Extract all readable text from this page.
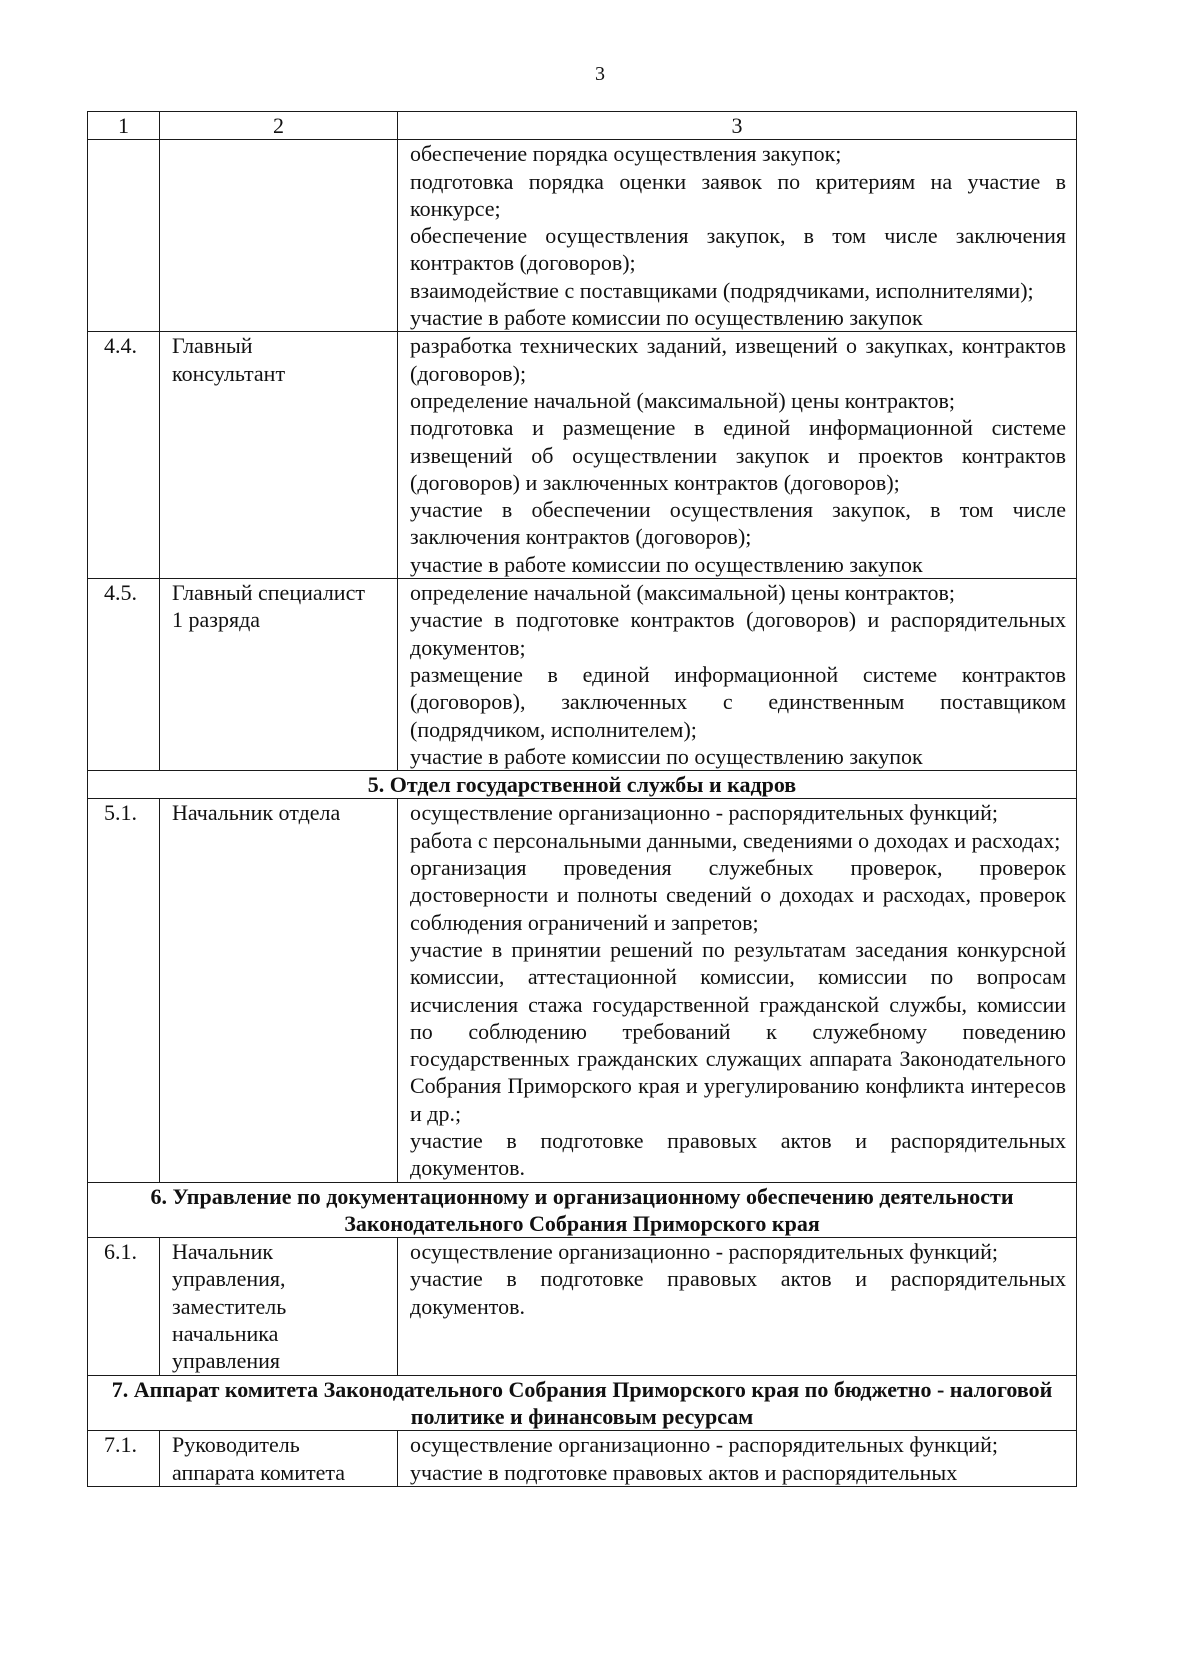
3
1	2	3

		обеспечение порядка осуществления закупок;
подготовка порядка оценки заявок по критериям на участие в конкурсе;
обеспечение осуществления закупок, в том числе заключения контрактов (договоров);
взаимодействие с поставщиками (подрядчиками, исполнителями);
участие в работе комиссии по осуществлению закупок

4.4.	Главный
консультант	разработка технических заданий, извещений о закупках, контрактов (договоров);
определение начальной (максимальной) цены контрактов;
подготовка и размещение в единой информационной системе извещений об осуществлении закупок и проектов контрактов (договоров) и заключенных контрактов (договоров);
участие в обеспечении осуществления закупок, в том числе заключения контрактов (договоров);
участие в работе комиссии по осуществлению закупок

4.5.	Главный специалист
1 разряда	определение начальной (максимальной) цены контрактов;
участие в подготовке контрактов (договоров) и распорядительных документов;
размещение в единой информационной системе контрактов (договоров), заключенных с единственным поставщиком (подрядчиком, исполнителем);
участие в работе комиссии по осуществлению закупок

5. Отдел государственной службы и кадров		
5.1.	Начальник отдела	осуществление организационно - распорядительных функций;
работа с персональными данными, сведениями о доходах и расходах;
организация проведения служебных проверок, проверок достоверности и полноты сведений о доходах и расходах, проверок соблюдения ограничений и запретов;
участие в принятии решений по результатам заседания конкурсной комиссии, аттестационной комиссии, комиссии по вопросам исчисления стажа государственной гражданской службы, комиссии по соблюдению требований к служебному поведению государственных гражданских служащих аппарата Законодательного Собрания Приморского края и урегулированию конфликта интересов и др.;
участие в подготовке правовых актов и распорядительных документов.

6. Управление по документационному и организационному обеспечению деятельности Законодательного Собрания Приморского края		
6.1.	Начальник
управления,
заместитель
начальника
управления	осуществление организационно - распорядительных функций;
участие в подготовке правовых актов и распорядительных документов.

7. Аппарат комитета Законодательного Собрания Приморского края по бюджетно - налоговой политике и финансовым ресурсам		
7.1.	Руководитель
аппарата комитета	осуществление организационно - распорядительных функций;
участие в подготовке правовых актов и распорядительных
